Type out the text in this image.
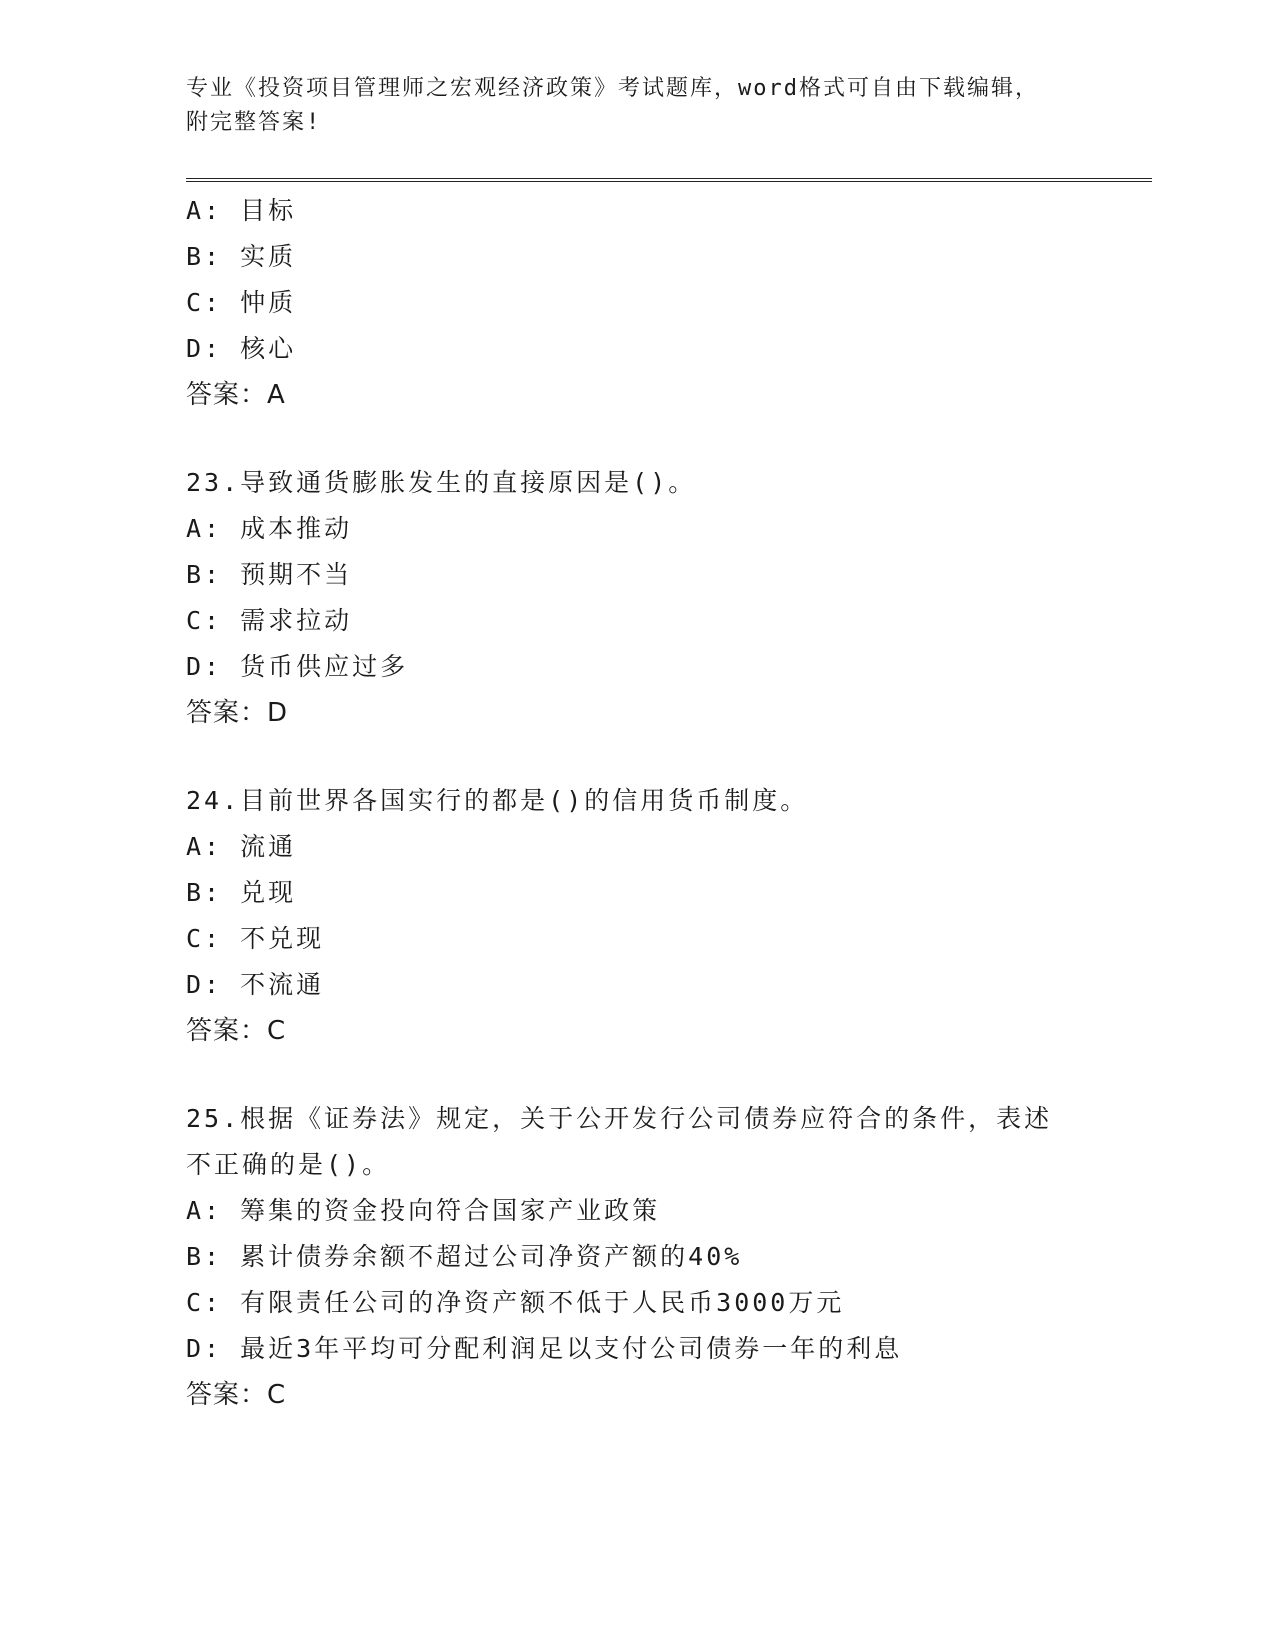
专业《投资项目管理师之宏观经济政策》考试题库，word格式可自由下载编辑，
附完整答案!
A: 目标
B: 实质
C: 忡质
D: 核心
答案：A
23.导致通货膨胀发生的直接原因是()。
A: 成本推动
B: 预期不当
C: 需求拉动
D: 货币供应过多
答案：D
24.目前世界各国实行的都是()的信用货币制度。
A: 流通
B: 兑现
C: 不兑现
D: 不流通
答案：C
25.根据《证券法》规定，关于公开发行公司债券应符合的条件，表述
不正确的是()。
A: 筹集的资金投向符合国家产业政策
B: 累计债券余额不超过公司净资产额的40%
C: 有限责任公司的净资产额不低于人民币3000万元
D: 最近3年平均可分配利润足以支付公司债券一年的利息
答案：C
